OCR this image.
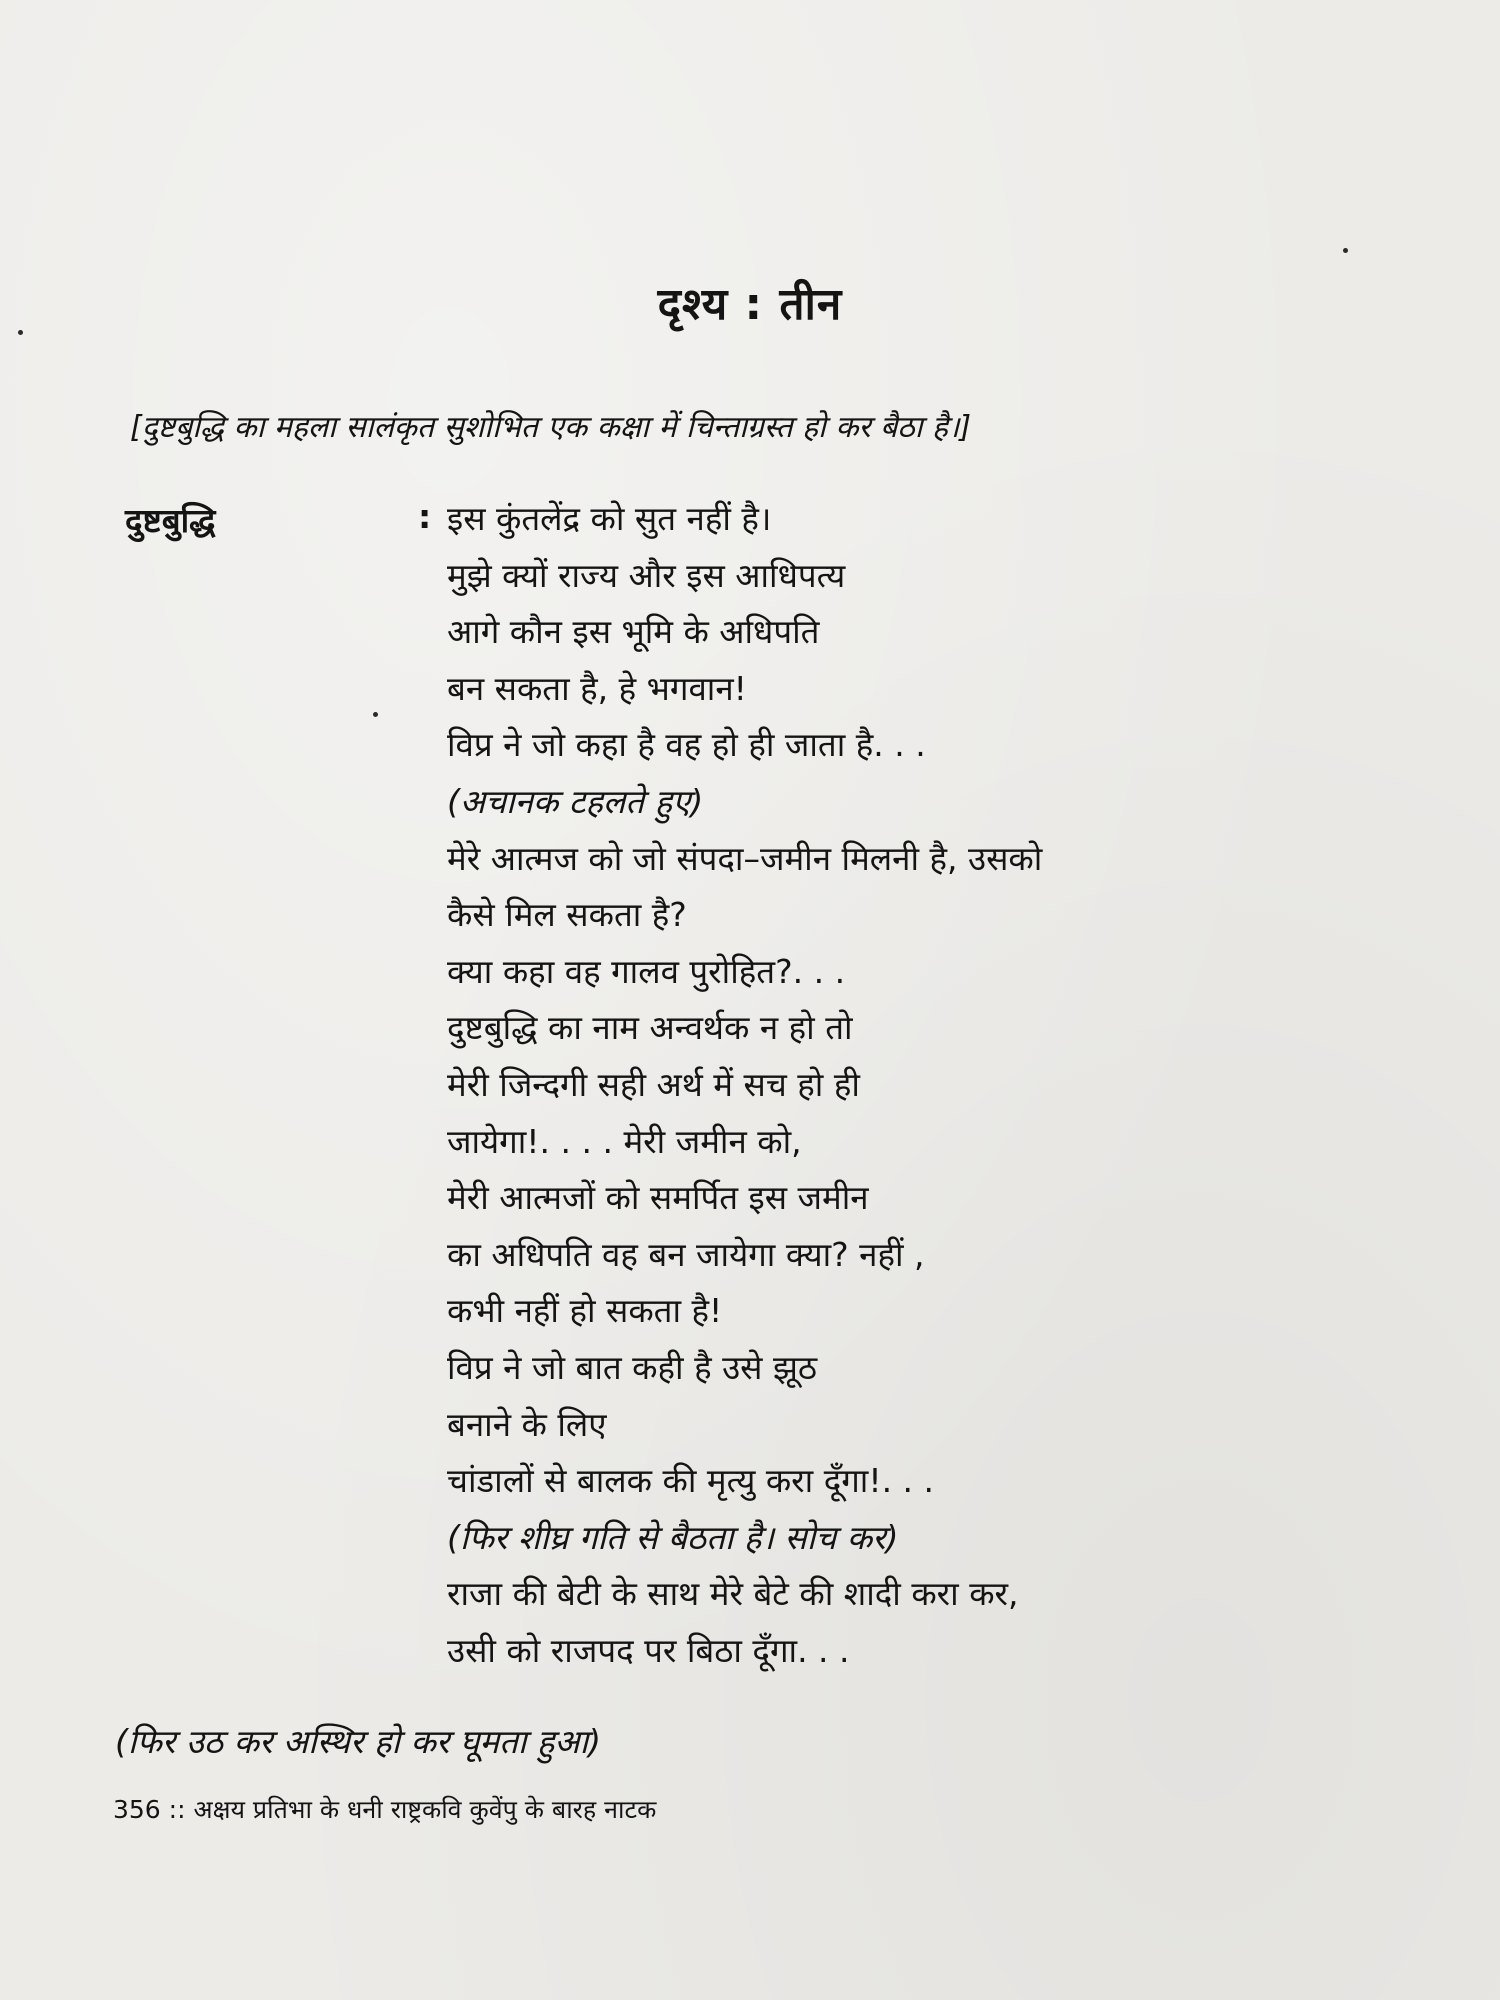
दृश्य : तीन
[दुष्टबुद्धि का महला सालंकृत सुशोभित एक कक्षा में चिन्ताग्रस्त हो कर बैठा है।]
दुष्टबुद्धि	: इस कुंतलेंद्र को सुत नहीं है।
मुझे क्यों राज्य और इस आधिपत्य
आगे कौन इस भूमि के अधिपति
बन सकता है, हे भगवान!
विप्र ने जो कहा है वह हो ही जाता है. . .
(अचानक टहलते हुए)
मेरे आत्मज को जो संपदा–जमीन मिलनी है, उसको
कैसे मिल सकता है?
क्या कहा वह गालव पुरोहित?. . .
दुष्टबुद्धि का नाम अन्वर्थक न हो तो
मेरी जिन्दगी सही अर्थ में सच हो ही
जायेगा!. . . . मेरी जमीन को,
मेरी आत्मजों को समर्पित इस जमीन
का अधिपति वह बन जायेगा क्या? नहीं ,
कभी नहीं हो सकता है!
विप्र ने जो बात कही है उसे झूठ
बनाने के लिए
चांडालों से बालक की मृत्यु करा दूँगा!. . .
(फिर शीघ्र गति से बैठता है। सोच कर)
राजा की बेटी के साथ मेरे बेटे की शादी करा कर,
उसी को राजपद पर बिठा दूँगा. . .
(फिर उठ कर अस्थिर हो कर घूमता हुआ)
356 :: अक्षय प्रतिभा के धनी राष्ट्रकवि कुवेंपु के बारह नाटक
